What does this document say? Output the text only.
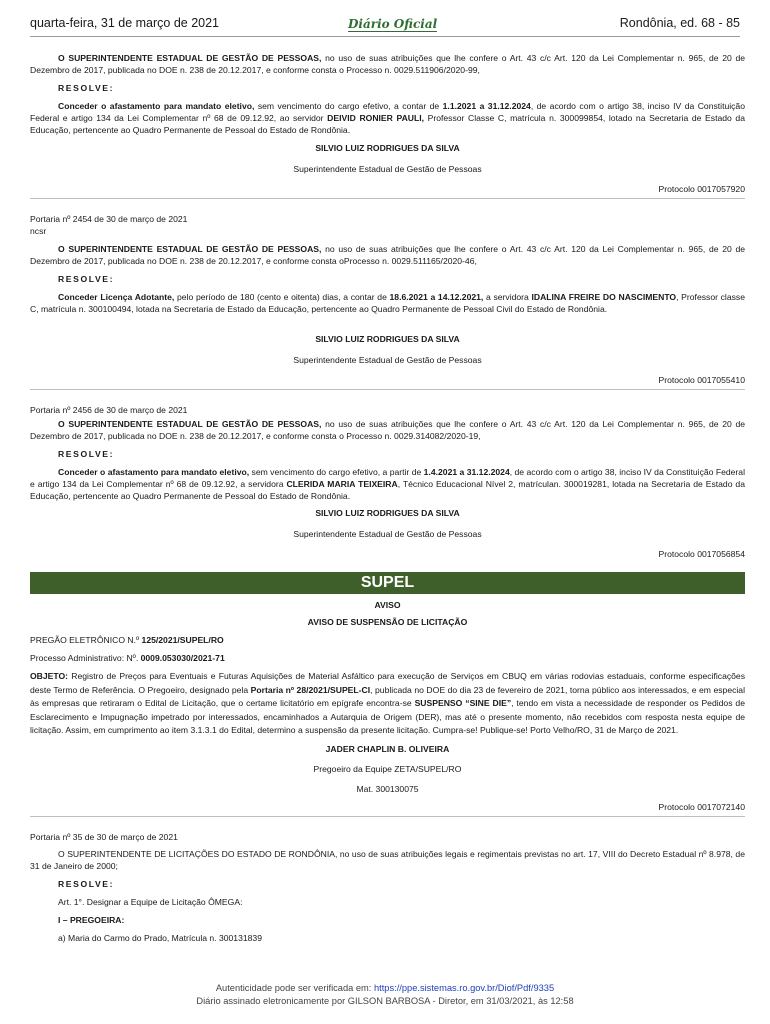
quarta-feira, 31 de março de 2021	Diário Oficial	Rondônia, ed. 68 - 85

O SUPERINTENDENTE ESTADUAL DE GESTÃO DE PESSOAS, no uso de suas atribuições que lhe confere o Art. 43 c/c Art. 120 da Lei Complementar n. 965, de 20 de Dezembro de 2017, publicada no DOE n. 238 de 20.12.2017, e conforme consta o Processo n. 0029.511906/2020-99,

RESOLVE:

Conceder o afastamento para mandato eletivo, sem vencimento do cargo efetivo, a contar de 1.1.2021 a 31.12.2024, de acordo com o artigo 38, inciso IV da Constituição Federal e artigo 134 da Lei Complementar nº 68 de 09.12.92, ao servidor DEIVID RONIER PAULI, Professor Classe C, matrícula n. 300099854, lotado na Secretaria de Estado da Educação, pertencente ao Quadro Permanente de Pessoal do Estado de Rondônia.

SILVIO LUIZ RODRIGUES DA SILVA

Superintendente Estadual de Gestão de Pessoas

Protocolo 0017057920

Portaria nº 2454 de 30 de março de 2021

ncsr

O SUPERINTENDENTE ESTADUAL DE GESTÃO DE PESSOAS, no uso de suas atribuições que lhe confere o Art. 43 c/c Art. 120 da Lei Complementar n. 965, de 20 de Dezembro de 2017, publicada no DOE n. 238 de 20.12.2017, e conforme consta oProcesso n. 0029.511165/2020-46,

RESOLVE:

Conceder Licença Adotante, pelo período de 180 (cento e oitenta) dias, a contar de 18.6.2021 a 14.12.2021, a servidora IDALINA FREIRE DO NASCIMENTO, Professor classe C, matrícula n. 300100494, lotada na Secretaria de Estado da Educação, pertencente ao Quadro Permanente de Pessoal Civil do Estado de Rondônia.

SILVIO LUIZ RODRIGUES DA SILVA

Superintendente Estadual de Gestão de Pessoas

Protocolo 0017055410

Portaria nº 2456 de 30 de março de 2021

O SUPERINTENDENTE ESTADUAL DE GESTÃO DE PESSOAS, no uso de suas atribuições que lhe confere o Art. 43 c/c Art. 120 da Lei Complementar n. 965, de 20 de Dezembro de 2017, publicada no DOE n. 238 de 20.12.2017, e conforme consta o Processo n. 0029.314082/2020-19,

RESOLVE:

Conceder o afastamento para mandato eletivo, sem vencimento do cargo efetivo, a partir de 1.4.2021 a 31.12.2024, de acordo com o artigo 38, inciso IV da Constituição Federal e artigo 134 da Lei Complementar nº 68 de 09.12.92, a servidora CLERIDA MARIA TEIXEIRA, Técnico Educacional Nível 2, matrículan. 300019281, lotada na Secretaria de Estado da Educação, pertencente ao Quadro Permanente de Pessoal do Estado de Rondônia.

SILVIO LUIZ RODRIGUES DA SILVA

Superintendente Estadual de Gestão de Pessoas

Protocolo 0017056854

SUPEL

AVISO

AVISO DE SUSPENSÃO DE LICITAÇÃO

PREGÃO ELETRÔNICO N.º 125/2021/SUPEL/RO

Processo Administrativo: Nº. 0009.053030/2021-71

OBJETO: Registro de Preços para Eventuais e Futuras Aquisições de Material Asfáltico para execução de Serviços em CBUQ em várias rodovias estaduais, conforme especificações deste Termo de Referência. O Pregoeiro, designado pela Portaria nº 28/2021/SUPEL-CI, publicada no DOE do dia 23 de fevereiro de 2021, torna público aos interessados, e em especial às empresas que retiraram o Edital de Licitação, que o certame licitatório em epígrafe encontra-se SUSPENSO “SINE DIE”, tendo em vista a necessidade de responder os Pedidos de Esclarecimento e Impugnação impetrado por interessados, encaminhados a Autarquia de Origem (DER), mas até o presente momento, não recebidos com resposta nesta equipe de licitação. Assim, em cumprimento ao item 3.1.3.1 do Edital, determino a suspensão da presente licitação. Cumpra-se! Publique-se! Porto Velho/RO, 31 de Março de 2021.

JADER CHAPLIN B. OLIVEIRA

Pregoeiro da Equipe ZETA/SUPEL/RO

Mat. 300130075

Protocolo 0017072140

Portaria nº 35 de 30 de março de 2021

O SUPERINTENDENTE DE LICITAÇÕES DO ESTADO DE RONDÔNIA, no uso de suas atribuições legais e regimentais previstas no art. 17, VIII do Decreto Estadual nº 8.978, de 31 de Janeiro de 2000;

RESOLVE:

Art. 1°. Designar a Equipe de Licitação ÔMEGA:

I – PREGOEIRA:

a) Maria do Carmo do Prado, Matrícula n. 300131839

Autenticidade pode ser verificada em: https://ppe.sistemas.ro.gov.br/Diof/Pdf/9335

Diário assinado eletronicamente por GILSON BARBOSA - Diretor, em 31/03/2021, às 12:58
